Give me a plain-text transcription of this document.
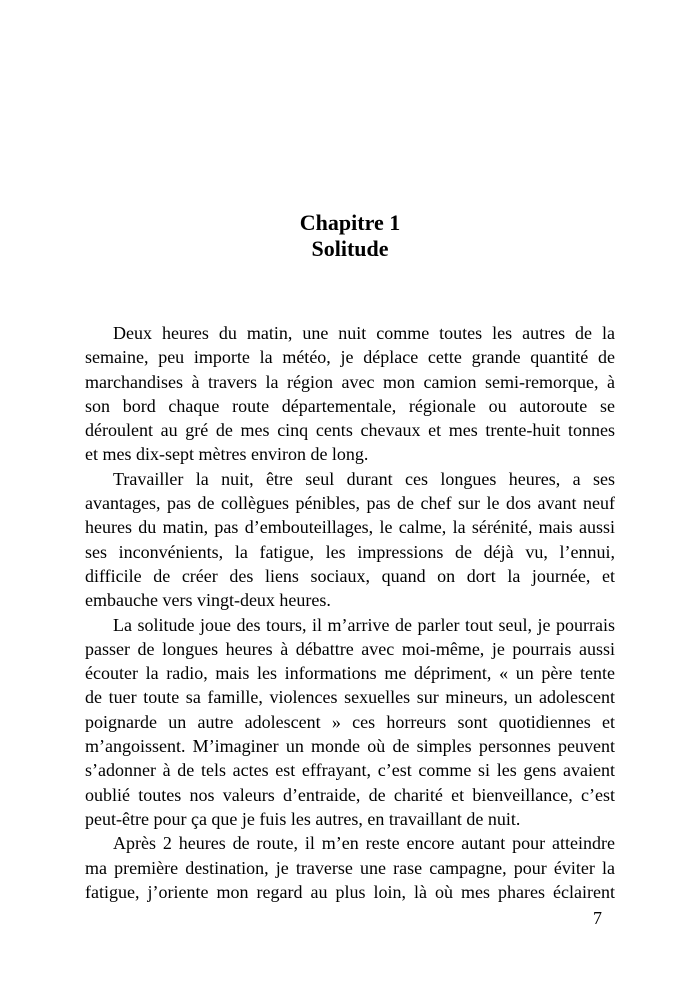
Chapitre 1
Solitude
Deux heures du matin, une nuit comme toutes les autres de la
semaine, peu importe la météo, je déplace cette grande quantité de
marchandises à travers la région avec mon camion semi-remorque, à
son bord chaque route départementale, régionale ou autoroute se
déroulent au gré de mes cinq cents chevaux et mes trente-huit tonnes
et mes dix-sept mètres environ de long.
Travailler la nuit, être seul durant ces longues heures, a ses
avantages, pas de collègues pénibles, pas de chef sur le dos avant neuf
heures du matin, pas d’embouteillages, le calme, la sérénité, mais aussi
ses inconvénients, la fatigue, les impressions de déjà vu, l’ennui,
difficile de créer des liens sociaux, quand on dort la journée, et
embauche vers vingt-deux heures.
La solitude joue des tours, il m’arrive de parler tout seul, je pourrais
passer de longues heures à débattre avec moi-même, je pourrais aussi
écouter la radio, mais les informations me dépriment, « un père tente
de tuer toute sa famille, violences sexuelles sur mineurs, un adolescent
poignarde un autre adolescent » ces horreurs sont quotidiennes et
m’angoissent. M’imaginer un monde où de simples personnes peuvent
s’adonner à de tels actes est effrayant, c’est comme si les gens avaient
oublié toutes nos valeurs d’entraide, de charité et bienveillance, c’est
peut-être pour ça que je fuis les autres, en travaillant de nuit.
Après 2 heures de route, il m’en reste encore autant pour atteindre
ma première destination, je traverse une rase campagne, pour éviter la
fatigue, j’oriente mon regard au plus loin, là où mes phares éclairent
7
